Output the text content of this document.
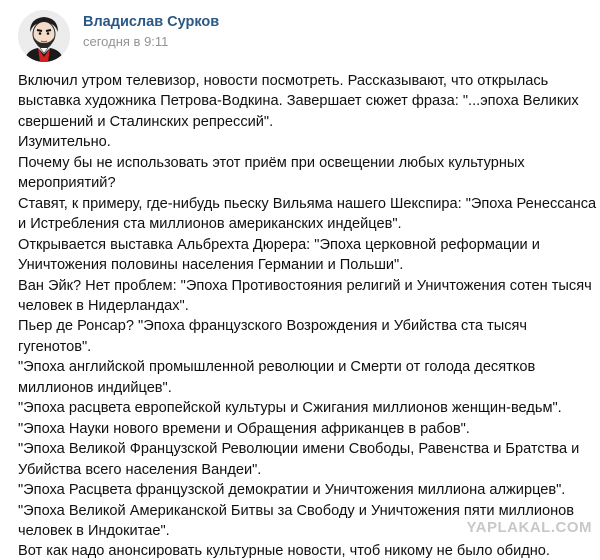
Владислав Сурков
сегодня в 9:11
Включил утром телевизор, новости посмотреть. Рассказывают, что открылась
выставка художника Петрова-Водкина. Завершает сюжет фраза: "...эпоха Великих
свершений и Сталинских репрессий".
Изумительно.
Почему бы не использовать этот приём при освещении любых культурных
мероприятий?
Ставят, к примеру, где-нибудь пьеску Вильяма нашего Шекспира: "Эпоха Ренессанса
и Истребления ста миллионов американских индейцев".
Открывается выставка Альбрехта Дюрера: "Эпоха церковной реформации и
Уничтожения половины населения Германии и Польши".
Ван Эйк? Нет проблем: "Эпоха Противостояния религий и Уничтожения сотен тысяч
человек в Нидерландах".
Пьер де Ронсар? "Эпоха французского Возрождения и Убийства ста тысяч
гугенотов".
"Эпоха английской промышленной революции и Смерти от голода десятков
миллионов индийцев".
"Эпоха расцвета европейской культуры и Сжигания миллионов женщин-ведьм".
"Эпоха Науки нового времени и Обращения африканцев в рабов".
"Эпоха Великой Французской Революции имени Свободы, Равенства и Братства и
Убийства всего населения Вандеи".
"Эпоха Расцвета французской демократии и Уничтожения миллиона алжирцев".
"Эпоха Великой Американской Битвы за Свободу и Уничтожения пяти миллионов
человек в Индокитае".
Вот как надо анонсировать культурные новости, чтоб никому не было обидно.
YAPLAKAL.COM
